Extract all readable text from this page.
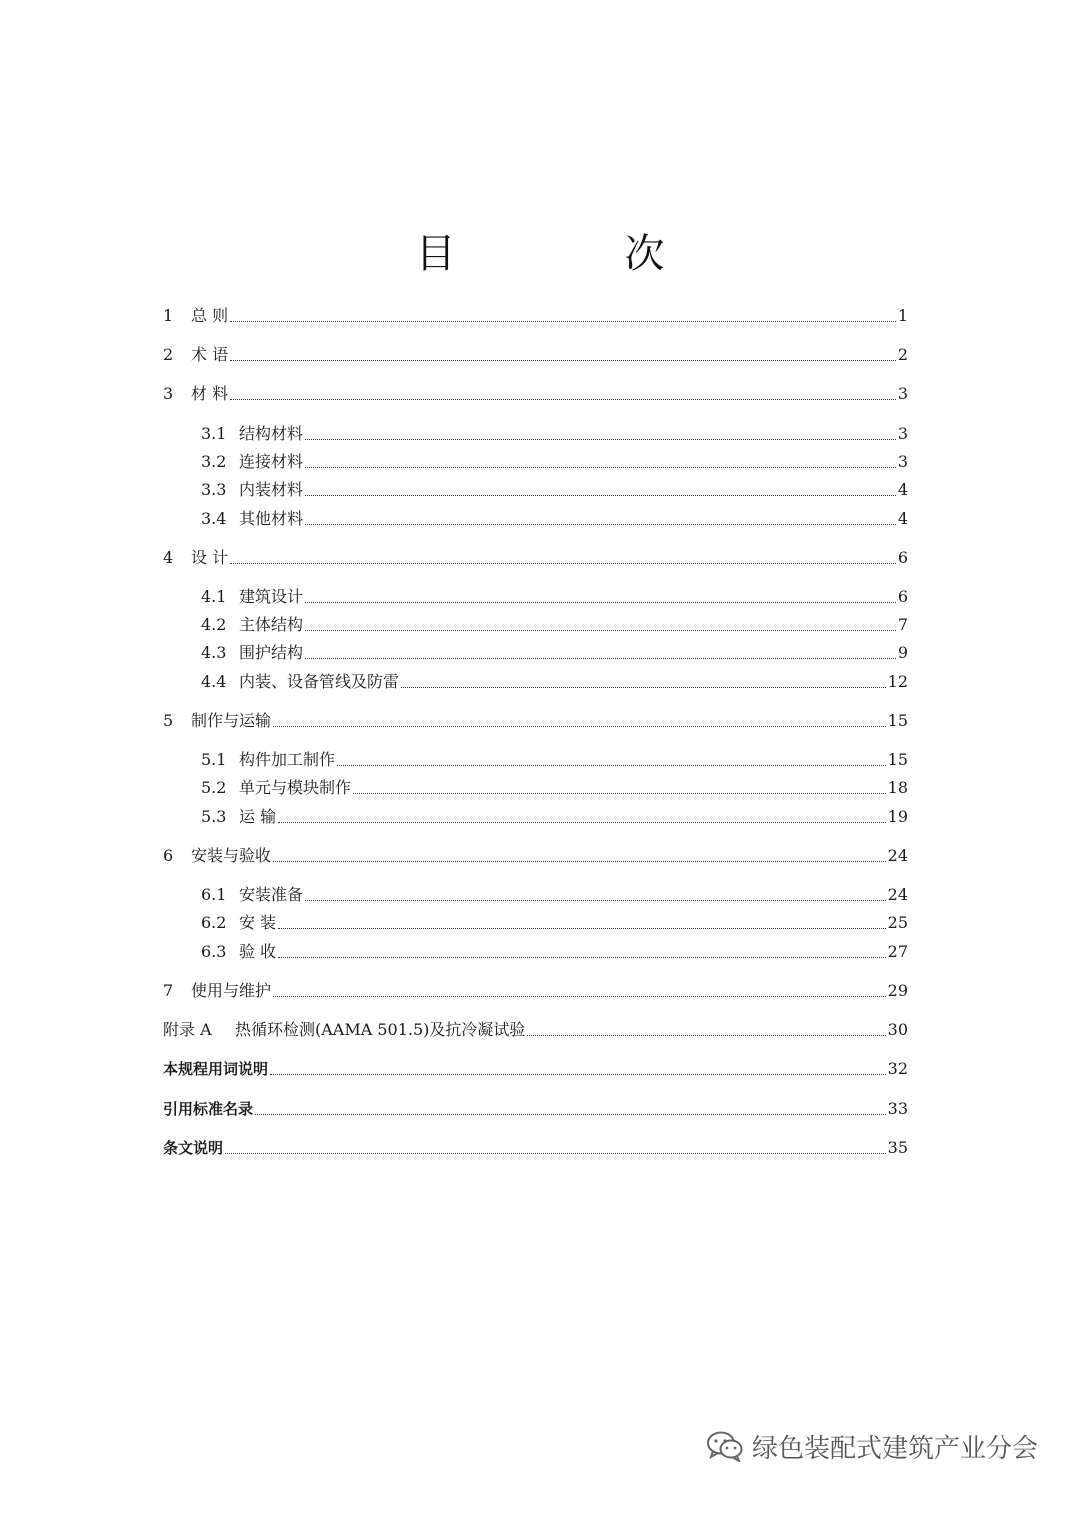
目 次
1	总 则	1
2	术 语	2
3	材 料	3
3.1 结构材料	3
3.2 连接材料	3
3.3 内装材料	4
3.4 其他材料	4
4	设 计	6
4.1 建筑设计	6
4.2 主体结构	7
4.3 围护结构	9
4.4 内装、设备管线及防雷	12
5	制作与运输	15
5.1 构件加工制作	15
5.2 单元与模块制作	18
5.3 运 输	19
6	安装与验收	24
6.1 安装准备	24
6.2 安 装	25
6.3 验 收	27
7	使用与维护	29
附录 A	热循环检测(AAMA 501.5)及抗冷凝试验	30
本规程用词说明	32
引用标准名录	33
条文说明	35
绿色装配式建筑产业分会
